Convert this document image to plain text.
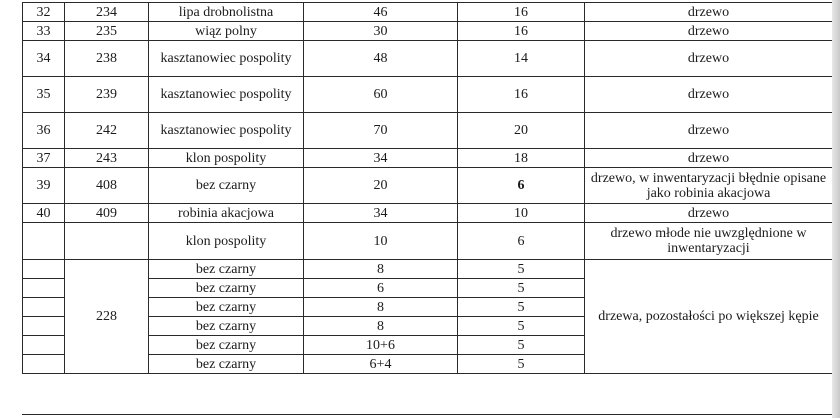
32	234	lipa drobnolistna	46	16	drzewo
33	235	wiąz polny	30	16	drzewo
34	238	kasztanowiec pospolity	48	14	drzewo
35	239	kasztanowiec pospolity	60	16	drzewo
36	242	kasztanowiec pospolity	70	20	drzewo
37	243	klon pospolity	34	18	drzewo
39	408	bez czarny	20	6	drzewo, w inwentaryzacji błędnie opisane jako robinia akacjowa
40	409	robinia akacjowa	34	10	drzewo
		klon pospolity	10	6	drzewo młode nie uwzględnione w inwentaryzacji
	228	bez czarny	8	5	drzewa, pozostałości po większej kępie
		bez czarny	6	5	
		bez czarny	8	5	
		bez czarny	8	5	
		bez czarny	10+6	5	
		bez czarny	6+4	5	
